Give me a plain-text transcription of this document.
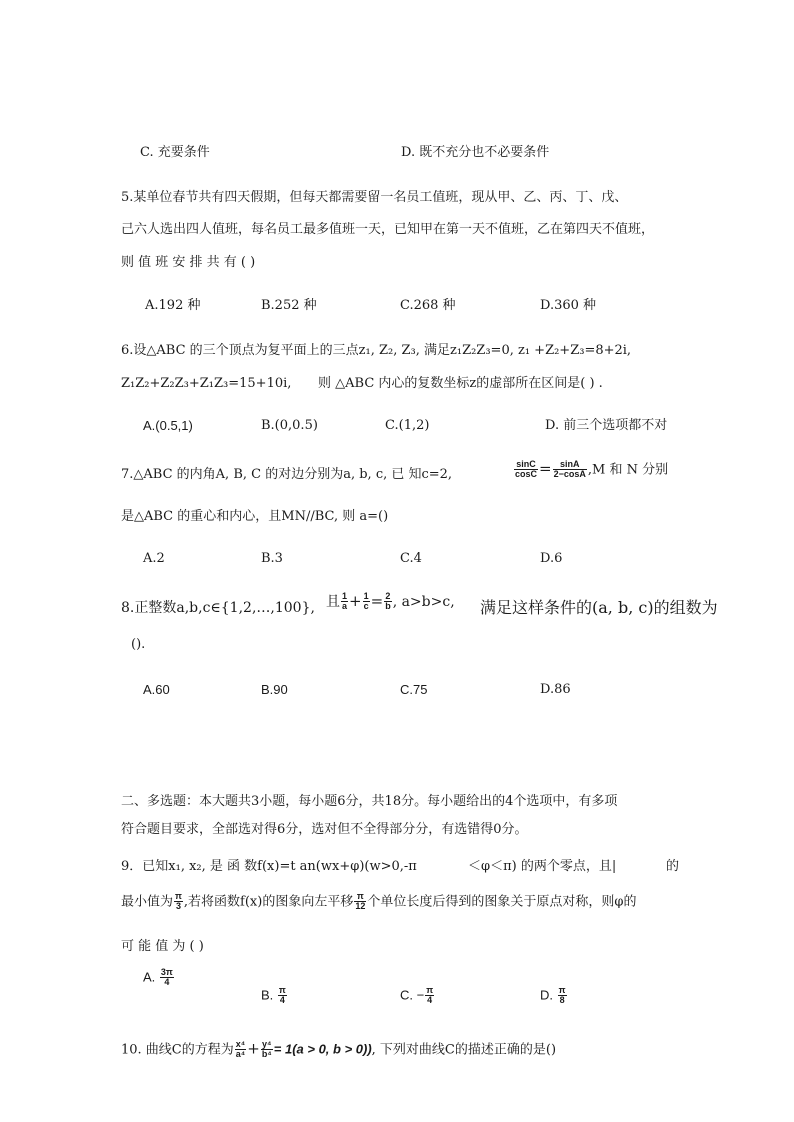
C. 充要条件	D. 既不充分也不必要条件
5.某单位春节共有四天假期，但每天都需要留一名员工值班，现从甲、乙、丙、丁、戊、
己六人选出四人值班，每名员工最多值班一天，已知甲在第一天不值班，乙在第四天不值班，
则 值 班 安 排 共 有 ( )
A.192 种	B.252 种	C.268 种	D.360 种
6.设△ABC 的三个顶点为复平面上的三点z₁, Z₂, Z₃, 满足z₁Z₂Z₃=0, z₁ +Z₂+Z₃=8+2i,
Z₁Z₂+Z₂Z₃+Z₁Z₃=15+10i, 则 △ABC 内心的复数坐标z的虚部所在区间是( ) .
A.(0.5,1)	B.(0,0.5)	C.(1,2)	D. 前三个选项都不对
7.△ABC 的内角A, B, C 的对边分别为a, b, c, 已 知c=2,	$\frac{\sin C}{\cos C} = \frac{\sin A}{2-\cos A} ,M$ 和 N 分别
是△ABC 的重心和内心，且MN//BC, 则 a=()
A.2	B.3	C.4	D.6
8.正整数a,b,c∈{1,2,…,100}, 且 $\frac{1}{a} + \frac{1}{c} = \frac{2}{b}$ , a>b>c, 满足这样条件的(a, b, c)的组数为
().
A.60	B.90	C.75	D.86
二、多选题：本大题共3小题，每小题6分，共18分。每小题给出的4个选项中，有多项
符合题目要求，全部选对得6分，选对但不全得部分分，有选错得0分。
9．已知x₁, x₂, 是 函 数f(x)=t an(wx+φ)(w>0,-π	＜φ＜π) 的两个零点，且|	的
最小值为 $\frac{\pi}{3}$ ,若将函数f(x)的图象向左平移 $\frac{\pi}{12}$ 个单位长度后得到的图象关于原点对称，则φ的
可 能 值 为 ( )
A. $\frac{3\pi}{4}$
B. $\frac{\pi}{4}$	C. − $\frac{\pi}{4}$	D. $\frac{\pi}{8}$
10. 曲线C的方程为 $\frac{\text{x⁴}}{\text{a⁴}} + \frac{\text{y⁴}}{\text{b⁴}} = 1(a > 0$, b > 0)), 下列对曲线C的描述正确的是()
